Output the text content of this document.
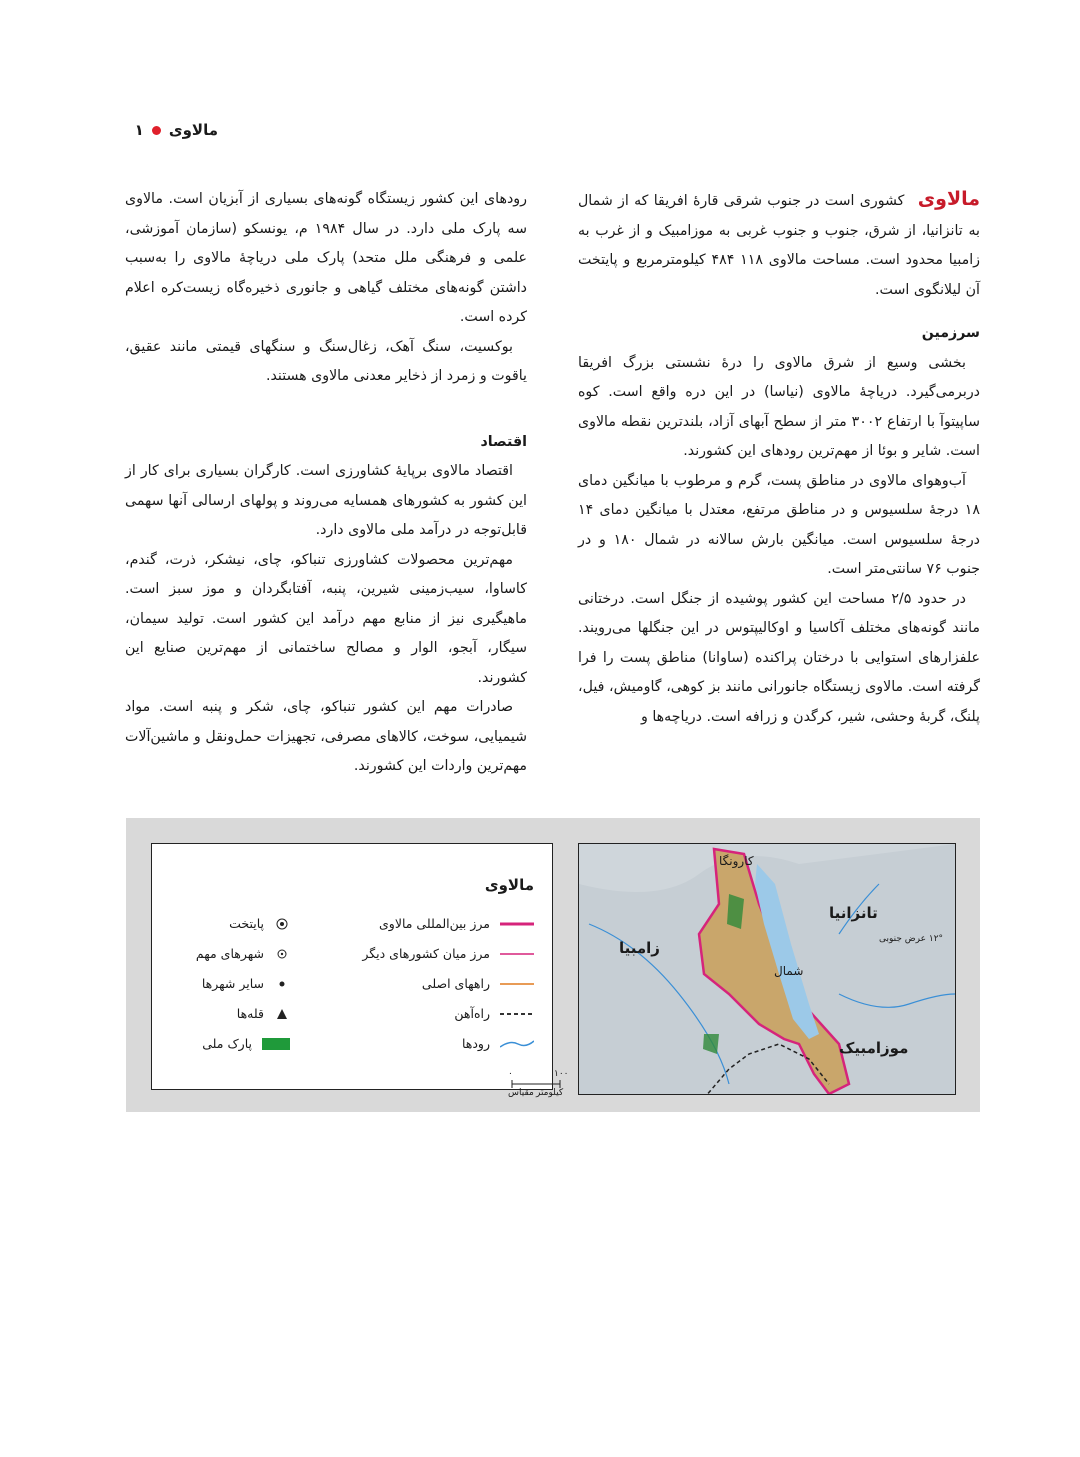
مالاوی
۱

مالاوی کشوری است در جنوب شرقی قارهٔ افریقا که از شمال به تانزانیا، از شرق، جنوب و جنوب غربی به موزامبیک و از غرب به زامبیا محدود است. مساحت مالاوی ۱۱۸ ۴۸۴ کیلومترمربع و پایتخت آن لیلانگوی است.

سرزمین

بخشی وسیع از شرق مالاوی را درهٔ نشستی بزرگ افریقا دربرمی‌گیرد. دریاچهٔ مالاوی (نیاسا) در این دره واقع است. کوه ساپیتوآ با ارتفاع ۳۰۰۲ متر از سطح آبهای آزاد، بلندترین نقطه مالاوی است. شایر و بوئا از مهم‌ترین رودهای این کشورند.

آب‌وهوای مالاوی در مناطق پست، گرم و مرطوب با میانگین دمای ۱۸ درجهٔ سلسیوس و در مناطق مرتفع، معتدل با میانگین دمای ۱۴ درجهٔ سلسیوس است. میانگین بارش سالانه در شمال ۱۸۰ و در جنوب ۷۶ سانتی‌متر است.

در حدود ۲/۵ مساحت این کشور پوشیده از جنگل است. درختانی مانند گونه‌های مختلف آکاسیا و اوکالیپتوس در این جنگلها می‌رویند. علفزارهای استوایی با درختان پراکنده (ساوانا) مناطق پست را فرا گرفته است. مالاوی زیستگاه جانورانی مانند بز کوهی، گاومیش، فیل، پلنگ، گربهٔ وحشی، شیر، کرگدن و زرافه است. دریاچه‌ها و

رودهای این کشور زیستگاه گونه‌های بسیاری از آبزیان است. مالاوی سه پارک ملی دارد. در سال ۱۹۸۴ م، یونسکو (سازمان آموزشی، علمی و فرهنگی ملل متحد) پارک ملی دریاچهٔ مالاوی را به‌سبب داشتن گونه‌های مختلف گیاهی و جانوری ذخیره‌گاه زیست‌کره اعلام کرده است.

بوکسیت، سنگ آهک، زغال‌سنگ و سنگهای قیمتی مانند عقیق، یاقوت و زمرد از ذخایر معدنی مالاوی هستند.

اقتصاد

اقتصاد مالاوی برپایهٔ کشاورزی است. کارگران بسیاری برای کار از این کشور به کشورهای همسایه می‌روند و پولهای ارسالی آنها سهمی قابل‌توجه در درآمد ملی مالاوی دارد.

مهم‌ترین محصولات کشاورزی تنباکو، چای، نیشکر، ذرت، گندم، کاساوا، سیب‌زمینی شیرین، پنبه، آفتابگردان و موز سبز است. ماهیگیری نیز از منابع مهم درآمد این کشور است. تولید سیمان، سیگار، آبجو، الوار و مصالح ساختمانی از مهم‌ترین صنایع این کشورند.

صادرات مهم این کشور تنباکو، چای، شکر و پنبه است. مواد شیمیایی، سوخت، کالاهای مصرفی، تجهیزات حمل‌ونقل و ماشین‌آلات مهم‌ترین واردات این کشورند.

مالاوی
مرز بین‌المللی مالاوی
مرز میان کشورهای دیگر
راههای اصلی
راه‌آهن
رودها
پایتخت
شهرهای مهم
سایر شهرها
قله‌ها
پارک ملی
۱۰۰
۰
کیلومتر
مقیاس
تانزانیا
زامبیا
موزامبیک
کارونگا
شمال
۱۲° عرض جنوبی
